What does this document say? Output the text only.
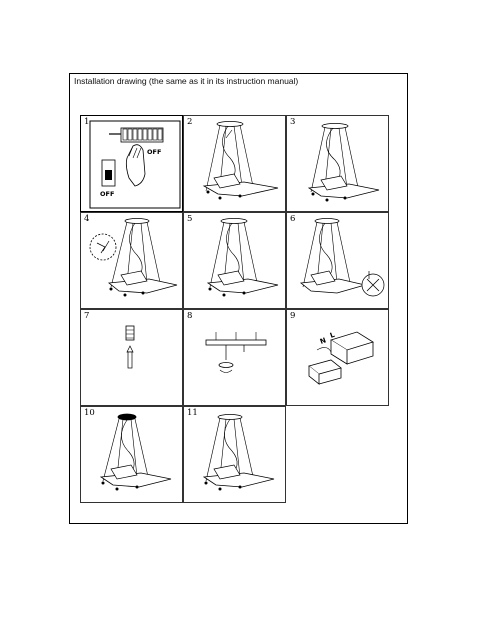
Installation drawing (the same as it in its instruction manual)
1
OFF
OFF
2	3
4	5	6
7	8	9
N
L
10	11
